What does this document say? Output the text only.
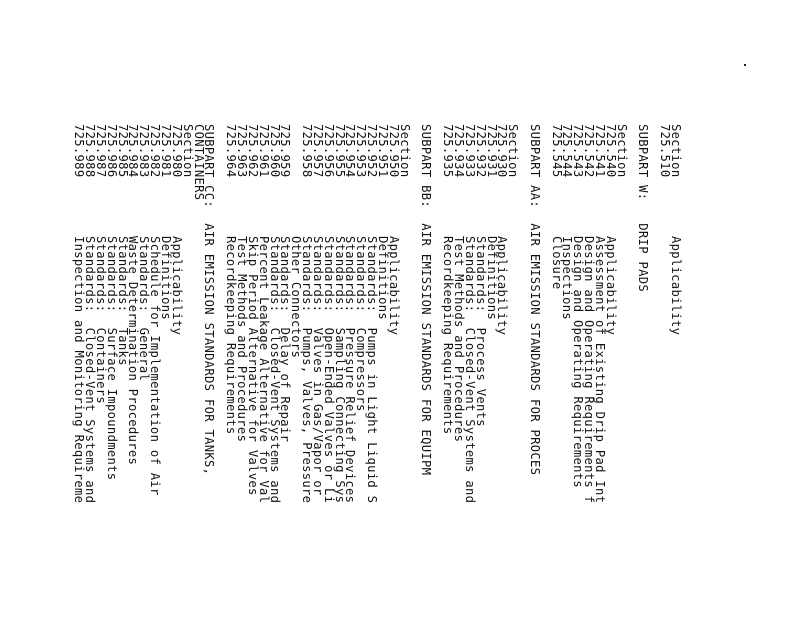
Section
Applicability
725.510
SUBPART W:   DRIP PADS
Section
725.540
Applicability
725.541
Assessment of Existing Drip Pad Int
725.542
Design and Operating Requirements f
725.543
Design and Operating Requirements
725.544
Inspections
725.545
Closure
SUBPART AA:  AIR EMISSION STANDARDS FOR PROCES
Section
725.930
Applicability
725.931
Definitions
725.932
Standards:  Process Vents
725.933
Standards:  Closed-Vent Systems and
725.934
Test Methods and Procedures
725.935
Recordkeeping Requirements
SUBPART BB:  AIR EMISSION STANDARDS FOR EQUIPM
Section
725.950
Applicability
725.951
Definitions
725.952
Standards:  Pumps in Light Liquid S
725.953
Standards:  Compressors
725.954
Standards:  Pressure Relief Devices
725.955
Standards:  Sampling Connecting Sys
725.956
Standards:  Open-Ended Valves or Li
725.957
Standards:  Valves in Gas/Vapor or
725.958
Standards:  Pumps, Valves, Pressure
Other Connectors
725.959
Standards:  Delay of Repair
725.960
Standards:  Closed-Vent Systems and
725.961
Percent Leakage Alternative for Val
725.962
Skip Period Alternative for Valves
725.963
Test Methods and Procedures
725.964
Recordkeeping Requirements
SUBPART CC:  AIR EMISSION STANDARDS FOR TANKS,
CONTAINERS
Section
725.980
Applicability
725.981
Definitions
725.982
Schedule for Implementation of Air
725.983
Standards:  General
725.984
Waste Determination Procedures
725.985
Standards:  Tanks
725.986
Standards:  Surface Impoundments
725.987
Standards:  Containers
725.988
Standards:  Closed-Vent Systems and
725.989
Inspection and Monitoring Requireme
